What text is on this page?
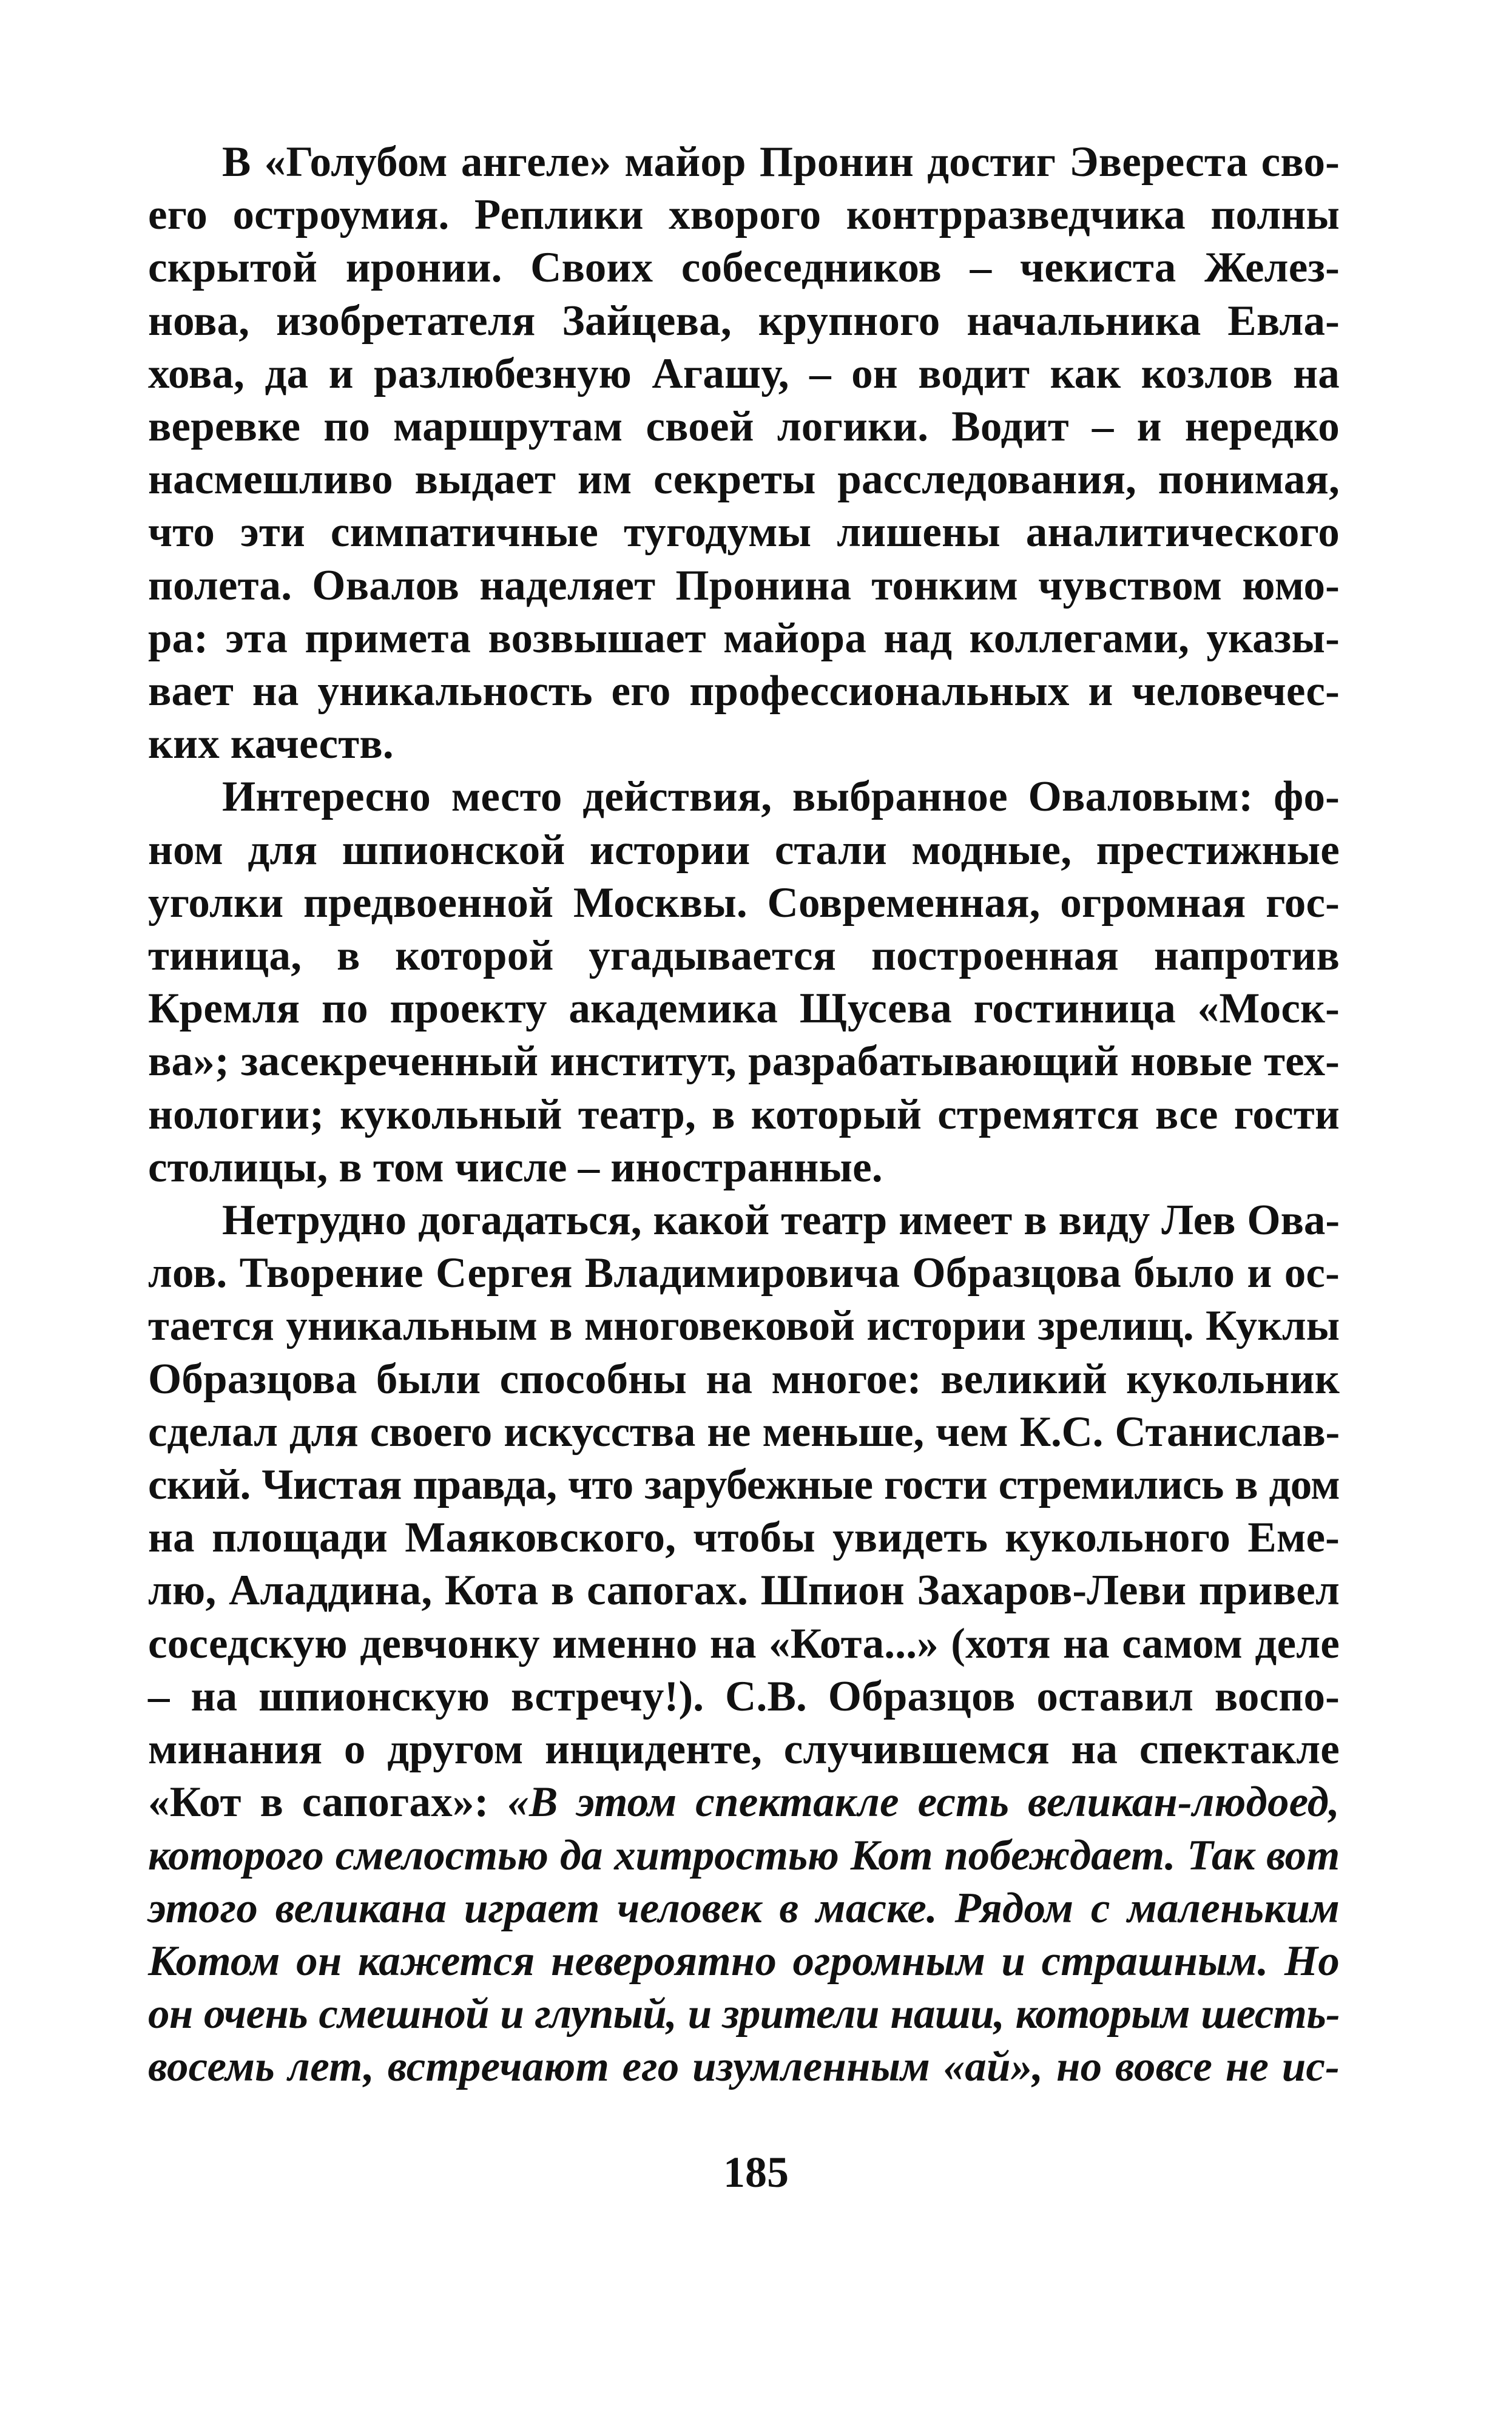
В «Голубом ангеле» майор Пронин достиг Эвереста сво-
его остроумия. Реплики хворого контрразведчика полны
скрытой иронии. Своих собеседников – чекиста Желез-
нова, изобретателя Зайцева, крупного начальника Евла-
хова, да и разлюбезную Агашу, – он водит как козлов на
веревке по маршрутам своей логики. Водит – и нередко
насмешливо выдает им секреты расследования, понимая,
что эти симпатичные тугодумы лишены аналитического
полета. Овалов наделяет Пронина тонким чувством юмо-
ра: эта примета возвышает майора над коллегами, указы-
вает на уникальность его профессиональных и человечес-
ких качеств.

Интересно место действия, выбранное Оваловым: фо-
ном для шпионской истории стали модные, престижные
уголки предвоенной Москвы. Современная, огромная гос-
тиница, в которой угадывается построенная напротив
Кремля по проекту академика Щусева гостиница «Моск-
ва»; засекреченный институт, разрабатывающий новые тех-
нологии; кукольный театр, в который стремятся все гости
столицы, в том числе – иностранные.

Нетрудно догадаться, какой театр имеет в виду Лев Ова-
лов. Творение Сергея Владимировича Образцова было и ос-
тается уникальным в многовековой истории зрелищ. Куклы
Образцова были способны на многое: великий кукольник
сделал для своего искусства не меньше, чем К.С. Станислав-
ский. Чистая правда, что зарубежные гости стремились в дом
на площади Маяковского, чтобы увидеть кукольного Еме-
лю, Аладдина, Кота в сапогах. Шпион Захаров-Леви привел
соседскую девчонку именно на «Кота...» (хотя на самом деле
– на шпионскую встречу!). С.В. Образцов оставил воспо-
минания о другом инциденте, случившемся на спектакле
«Кот в сапогах»: «В этом спектакле есть великан-людоед,
которого смелостью да хитростью Кот побеждает. Так вот
этого великана играет человек в маске. Рядом с маленьким
Котом он кажется невероятно огромным и страшным. Но
он очень смешной и глупый, и зрители наши, которым шесть-
восемь лет, встречают его изумленным «ай», но вовсе не ис-

185
